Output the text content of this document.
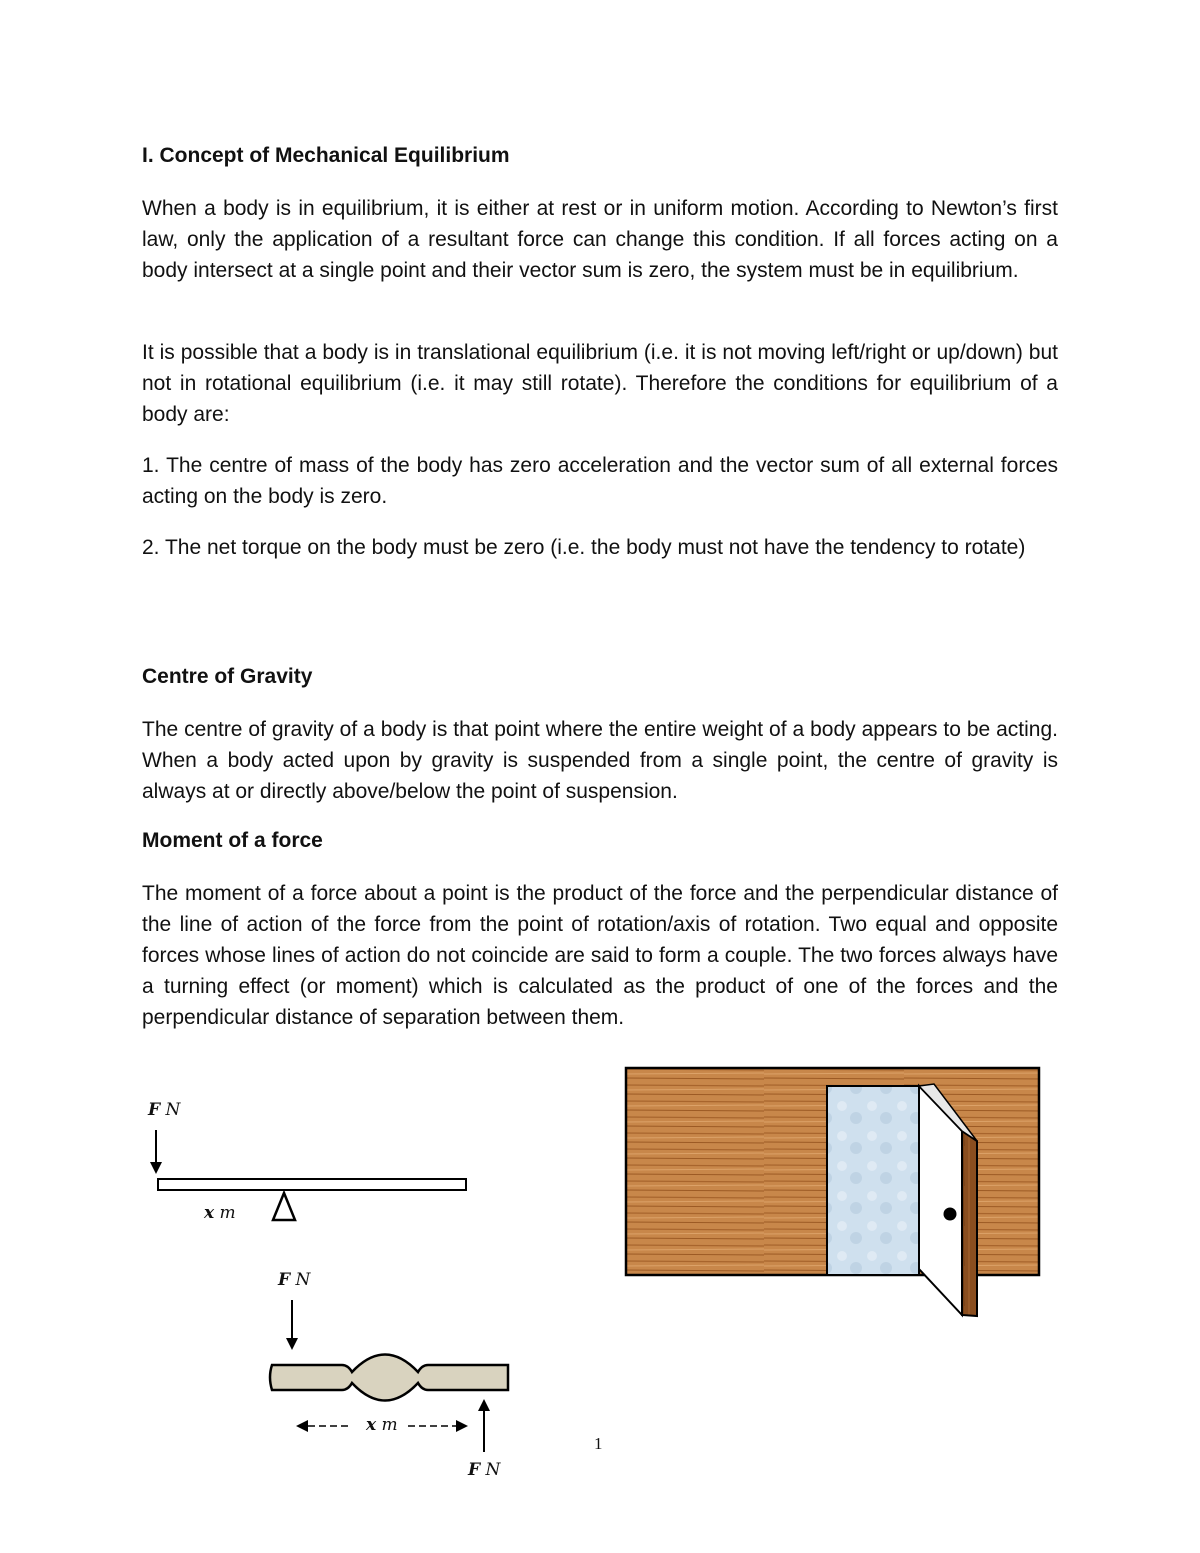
I. Concept of Mechanical Equilibrium

When a body is in equilibrium, it is either at rest or in uniform motion. According to Newton’s first law, only the application of a resultant force can change this condition. If all forces acting on a body intersect at a single point and their vector sum is zero, the system must be in equilibrium.

It is possible that a body is in translational equilibrium (i.e. it is not moving left/right or up/down) but not in rotational equilibrium (i.e. it may still rotate). Therefore the conditions for equilibrium of a body are:

1. The centre of mass of the body has zero acceleration and the vector sum of all external forces acting on the body is zero.

2. The net torque on the body must be zero (i.e. the body must not have the tendency to rotate)

Centre of Gravity

The centre of gravity of a body is that point where the entire weight of a body appears to be acting. When a body acted upon by gravity is suspended from a single point, the centre of gravity is always at or directly above/below the point of suspension.

Moment of a force

The moment of a force about a point is the product of the force and the perpendicular distance of the line of action of the force from the point of rotation/axis of rotation. Two equal and opposite forces whose lines of action do not coincide are said to form a couple. The two forces always have a turning effect (or moment) which is calculated as the product of one of the forces and the perpendicular distance of separation between them.

F N
x m
F N
x m
F N
1
